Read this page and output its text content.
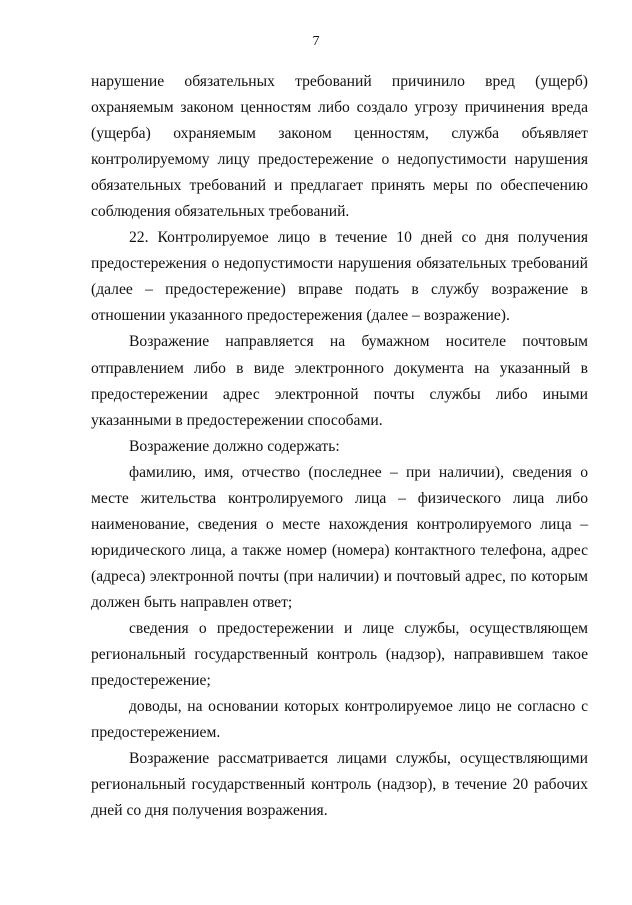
7

нарушение обязательных требований причинило вред (ущерб) охраняемым законом ценностям либо создало угрозу причинения вреда (ущерба) охраняемым законом ценностям, служба объявляет контролируемому лицу предостережение о недопустимости нарушения обязательных требований и предлагает принять меры по обеспечению соблюдения обязательных требований.

22. Контролируемое лицо в течение 10 дней со дня получения предостережения о недопустимости нарушения обязательных требований (далее – предостережение) вправе подать в службу возражение в отношении указанного предостережения (далее – возражение).

Возражение направляется на бумажном носителе почтовым отправлением либо в виде электронного документа на указанный в предостережении адрес электронной почты службы либо иными указанными в предостережении способами.

Возражение должно содержать:

фамилию, имя, отчество (последнее – при наличии), сведения о месте жительства контролируемого лица – физического лица либо наименование, сведения о месте нахождения контролируемого лица – юридического лица, а также номер (номера) контактного телефона, адрес (адреса) электронной почты (при наличии) и почтовый адрес, по которым должен быть направлен ответ;

сведения о предостережении и лице службы, осуществляющем региональный государственный контроль (надзор), направившем такое предостережение;

доводы, на основании которых контролируемое лицо не согласно с предостережением.

Возражение рассматривается лицами службы, осуществляющими региональный государственный контроль (надзор), в течение 20 рабочих дней со дня получения возражения.
